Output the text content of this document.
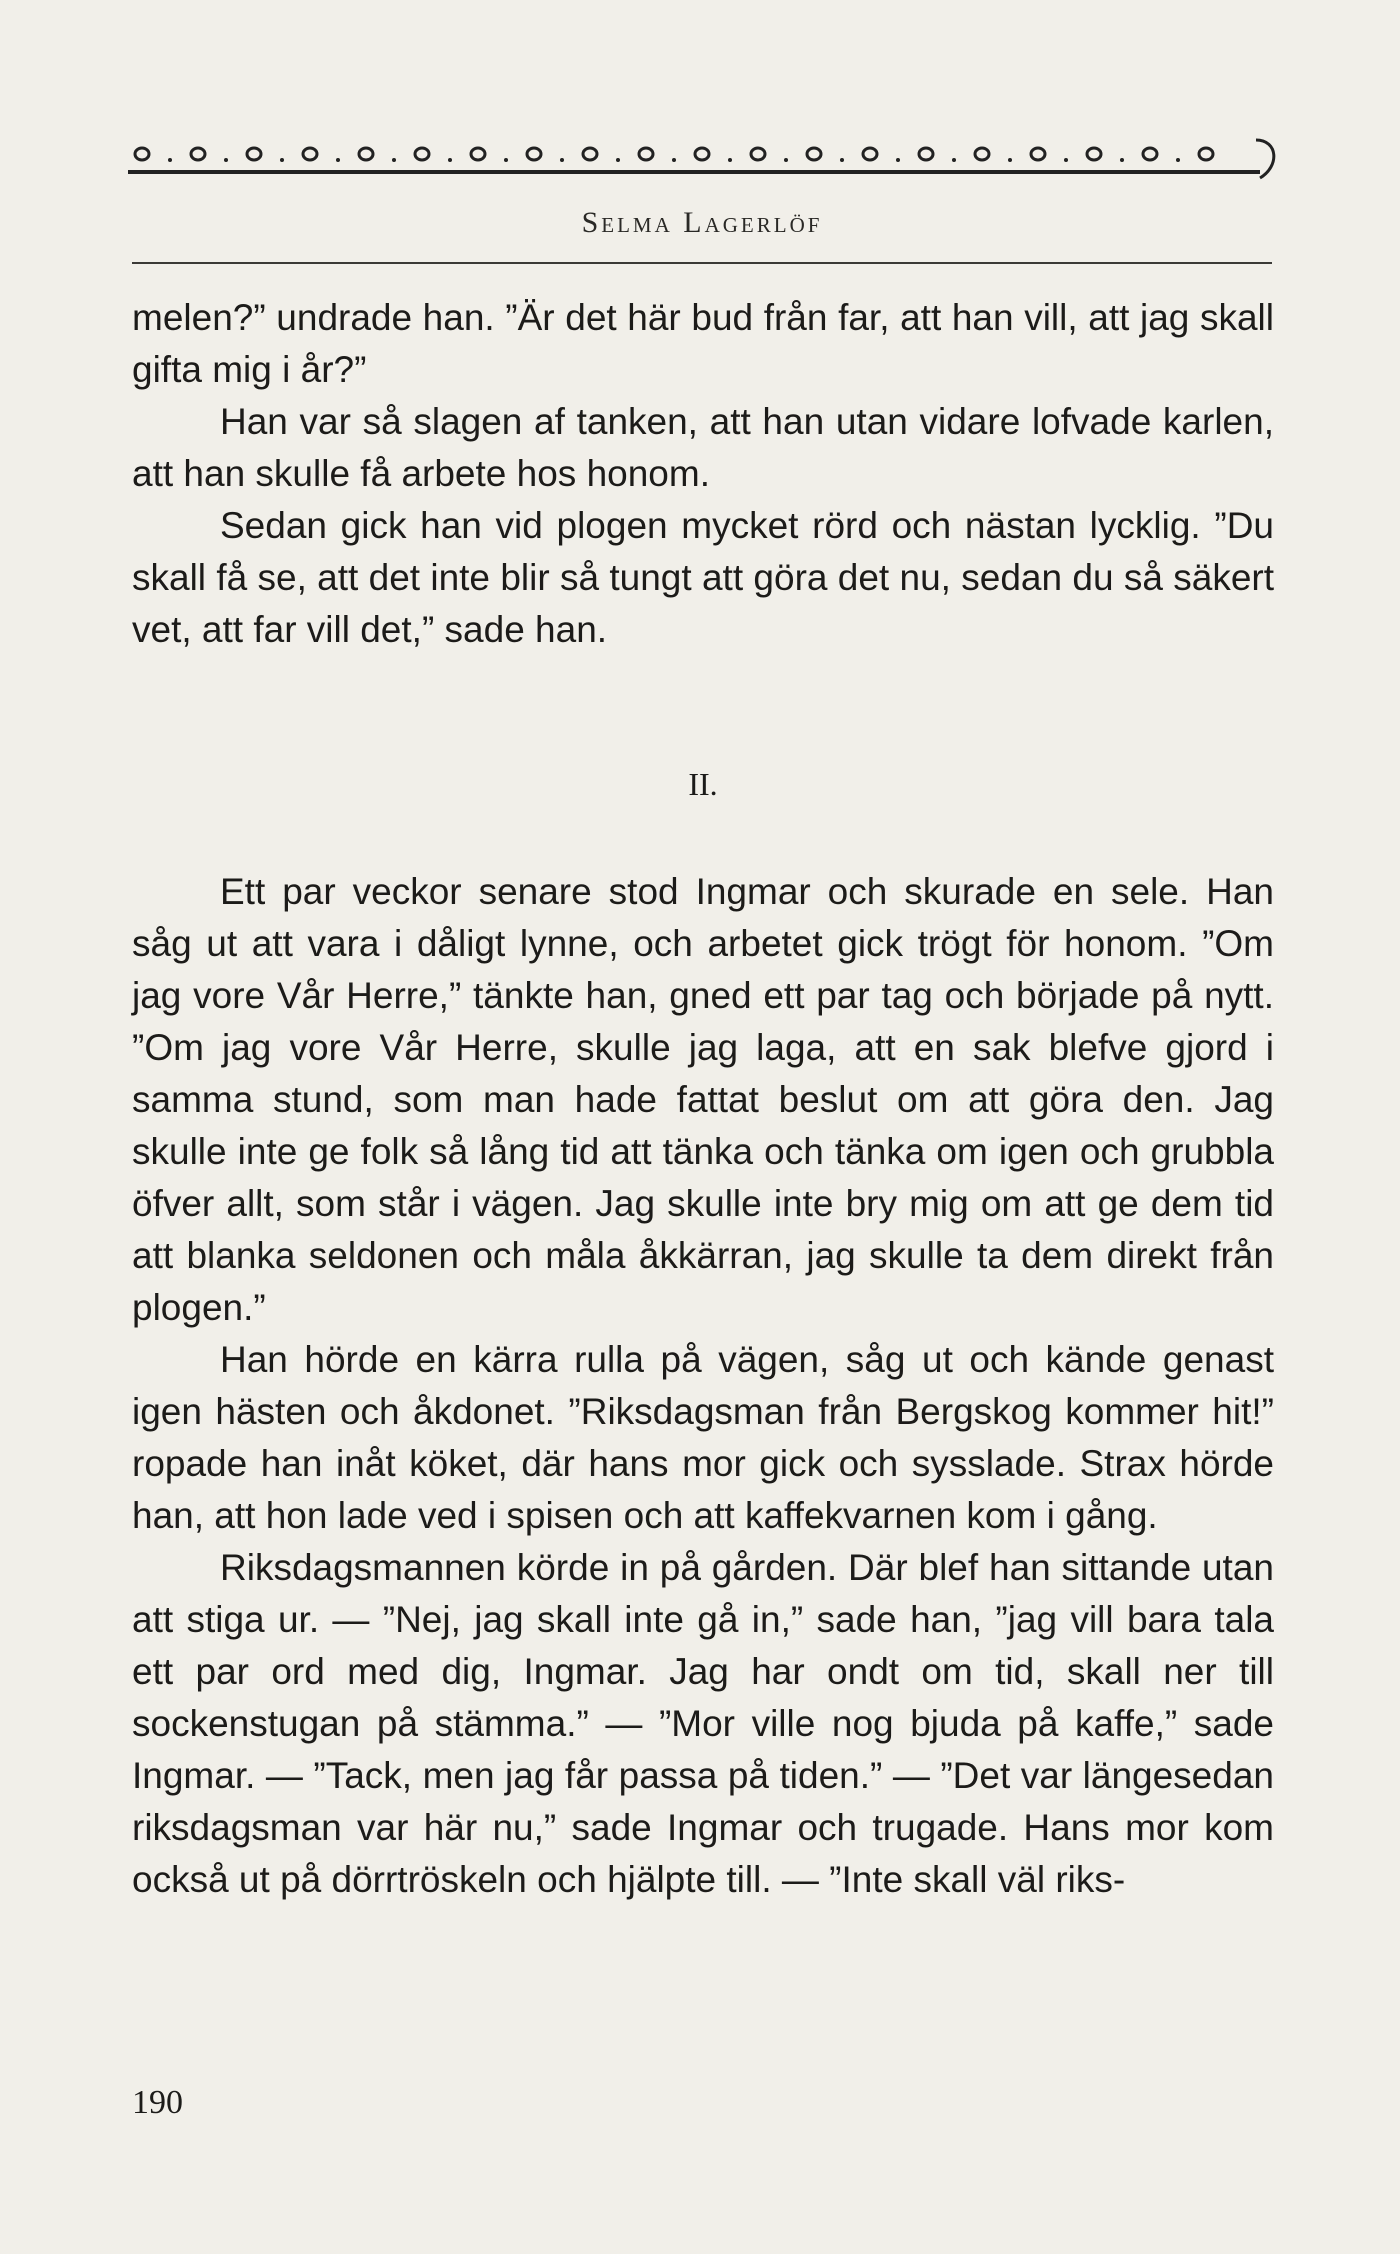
Selma Lagerlöf

melen?” undrade han. ”Är det här bud från far, att han vill, att jag skall gifta mig i år?”

Han var så slagen af tanken, att han utan vidare lofvade karlen, att han skulle få arbete hos honom.

Sedan gick han vid plogen mycket rörd och nästan lycklig. ”Du skall få se, att det inte blir så tungt att göra det nu, sedan du så säkert vet, att far vill det,” sade han.

II.

Ett par veckor senare stod Ingmar och skurade en sele. Han såg ut att vara i dåligt lynne, och arbetet gick trögt för honom. ”Om jag vore Vår Herre,” tänkte han, gned ett par tag och började på nytt. ”Om jag vore Vår Herre, skulle jag laga, att en sak blefve gjord i samma stund, som man hade fattat beslut om att göra den. Jag skulle inte ge folk så lång tid att tänka och tänka om igen och grubbla öfver allt, som står i vägen. Jag skulle inte bry mig om att ge dem tid att blanka seldonen och måla åkkärran, jag skulle ta dem direkt från plogen.”

Han hörde en kärra rulla på vägen, såg ut och kände genast igen hästen och åkdonet. ”Riksdagsman från Bergskog kommer hit!” ropade han inåt köket, där hans mor gick och sysslade. Strax hörde han, att hon lade ved i spisen och att kaffekvarnen kom i gång.

Riksdagsmannen körde in på gården. Där blef han sittande utan att stiga ur. — ”Nej, jag skall inte gå in,” sade han, ”jag vill bara tala ett par ord med dig, Ingmar. Jag har ondt om tid, skall ner till sockenstugan på stämma.” — ”Mor ville nog bjuda på kaffe,” sade Ingmar. — ”Tack, men jag får passa på tiden.” — ”Det var längesedan riksdagsman var här nu,” sade Ingmar och trugade. Hans mor kom också ut på dörrtröskeln och hjälpte till. — ”Inte skall väl riks-

190
